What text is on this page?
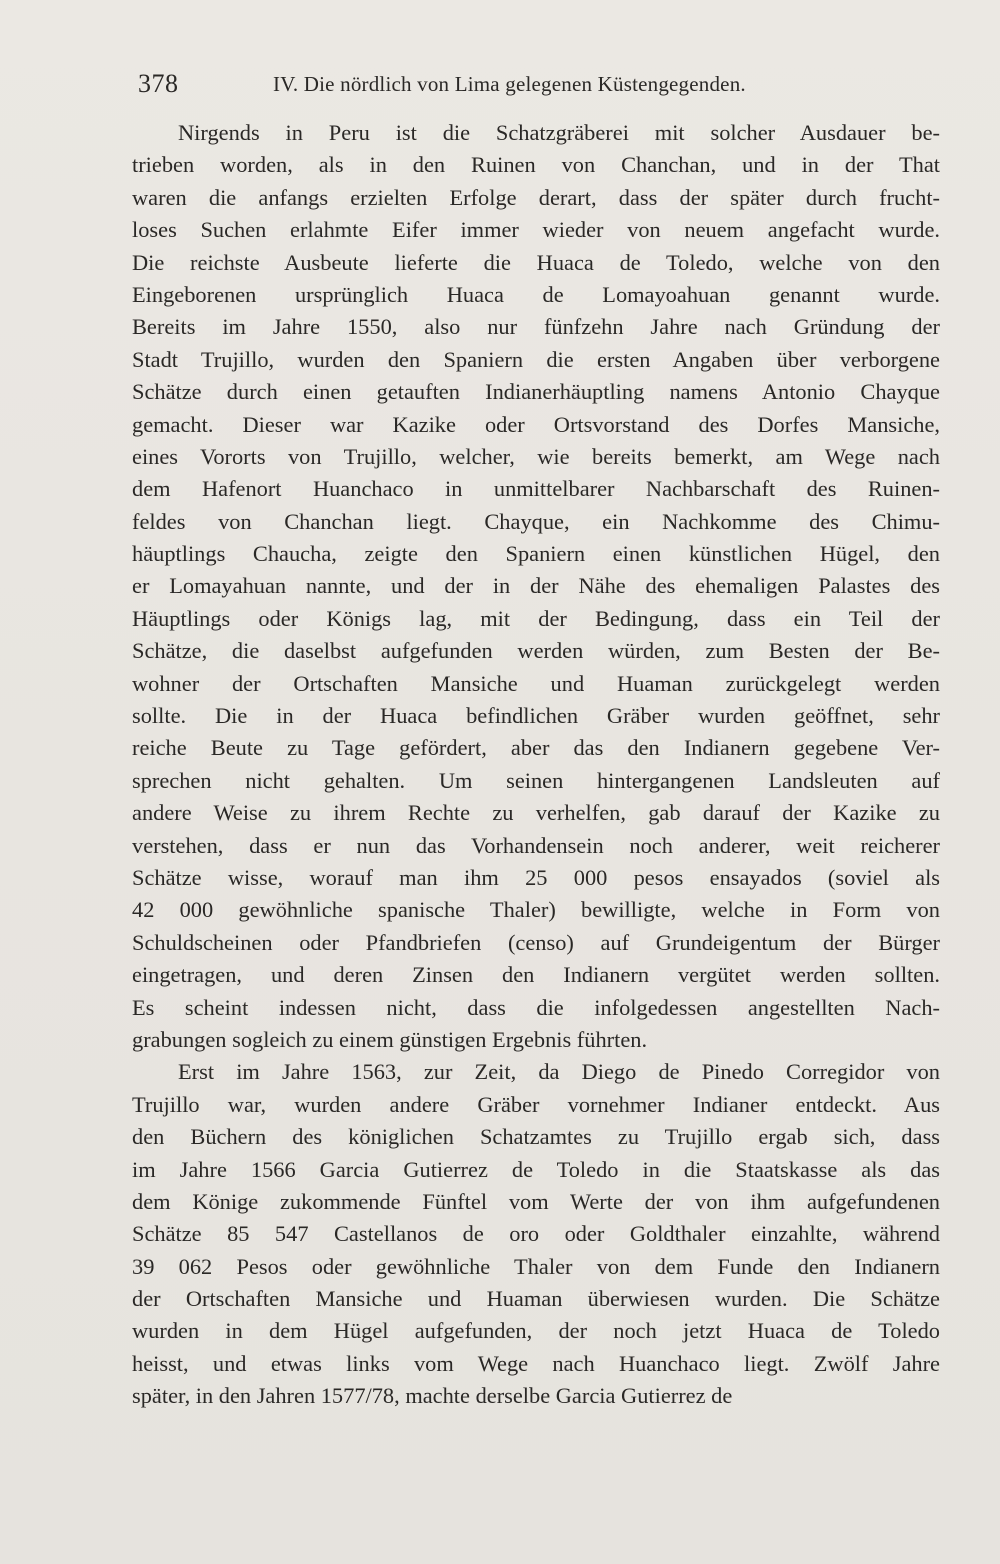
378	IV. Die nördlich von Lima gelegenen Küstengegenden.
Nirgends in Peru ist die Schatzgräberei mit solcher Ausdauer be-
trieben worden, als in den Ruinen von Chanchan, und in der That
waren die anfangs erzielten Erfolge derart, dass der später durch frucht-
loses Suchen erlahmte Eifer immer wieder von neuem angefacht wurde.
Die reichste Ausbeute lieferte die Huaca de Toledo, welche von den
Eingeborenen ursprünglich Huaca de Lomayoahuan genannt wurde.
Bereits im Jahre 1550, also nur fünfzehn Jahre nach Gründung der
Stadt Trujillo, wurden den Spaniern die ersten Angaben über verborgene
Schätze durch einen getauften Indianerhäuptling namens Antonio Chayque
gemacht. Dieser war Kazike oder Ortsvorstand des Dorfes Mansiche,
eines Vororts von Trujillo, welcher, wie bereits bemerkt, am Wege nach
dem Hafenort Huanchaco in unmittelbarer Nachbarschaft des Ruinen-
feldes von Chanchan liegt. Chayque, ein Nachkomme des Chimu-
häuptlings Chaucha, zeigte den Spaniern einen künstlichen Hügel, den
er Lomayahuan nannte, und der in der Nähe des ehemaligen Palastes des
Häuptlings oder Königs lag, mit der Bedingung, dass ein Teil der
Schätze, die daselbst aufgefunden werden würden, zum Besten der Be-
wohner der Ortschaften Mansiche und Huaman zurückgelegt werden
sollte. Die in der Huaca befindlichen Gräber wurden geöffnet, sehr
reiche Beute zu Tage gefördert, aber das den Indianern gegebene Ver-
sprechen nicht gehalten. Um seinen hintergangenen Landsleuten auf
andere Weise zu ihrem Rechte zu verhelfen, gab darauf der Kazike zu
verstehen, dass er nun das Vorhandensein noch anderer, weit reicherer
Schätze wisse, worauf man ihm 25 000 pesos ensayados (soviel als
42 000 gewöhnliche spanische Thaler) bewilligte, welche in Form von
Schuldscheinen oder Pfandbriefen (censo) auf Grundeigentum der Bürger
eingetragen, und deren Zinsen den Indianern vergütet werden sollten.
Es scheint indessen nicht, dass die infolgedessen angestellten Nach-
grabungen sogleich zu einem günstigen Ergebnis führten.
Erst im Jahre 1563, zur Zeit, da Diego de Pinedo Corregidor von
Trujillo war, wurden andere Gräber vornehmer Indianer entdeckt. Aus
den Büchern des königlichen Schatzamtes zu Trujillo ergab sich, dass
im Jahre 1566 Garcia Gutierrez de Toledo in die Staatskasse als das
dem Könige zukommende Fünftel vom Werte der von ihm aufgefundenen
Schätze 85 547 Castellanos de oro oder Goldthaler einzahlte, während
39 062 Pesos oder gewöhnliche Thaler von dem Funde den Indianern
der Ortschaften Mansiche und Huaman überwiesen wurden. Die Schätze
wurden in dem Hügel aufgefunden, der noch jetzt Huaca de Toledo
heisst, und etwas links vom Wege nach Huanchaco liegt. Zwölf Jahre
später, in den Jahren 1577/78, machte derselbe Garcia Gutierrez de
